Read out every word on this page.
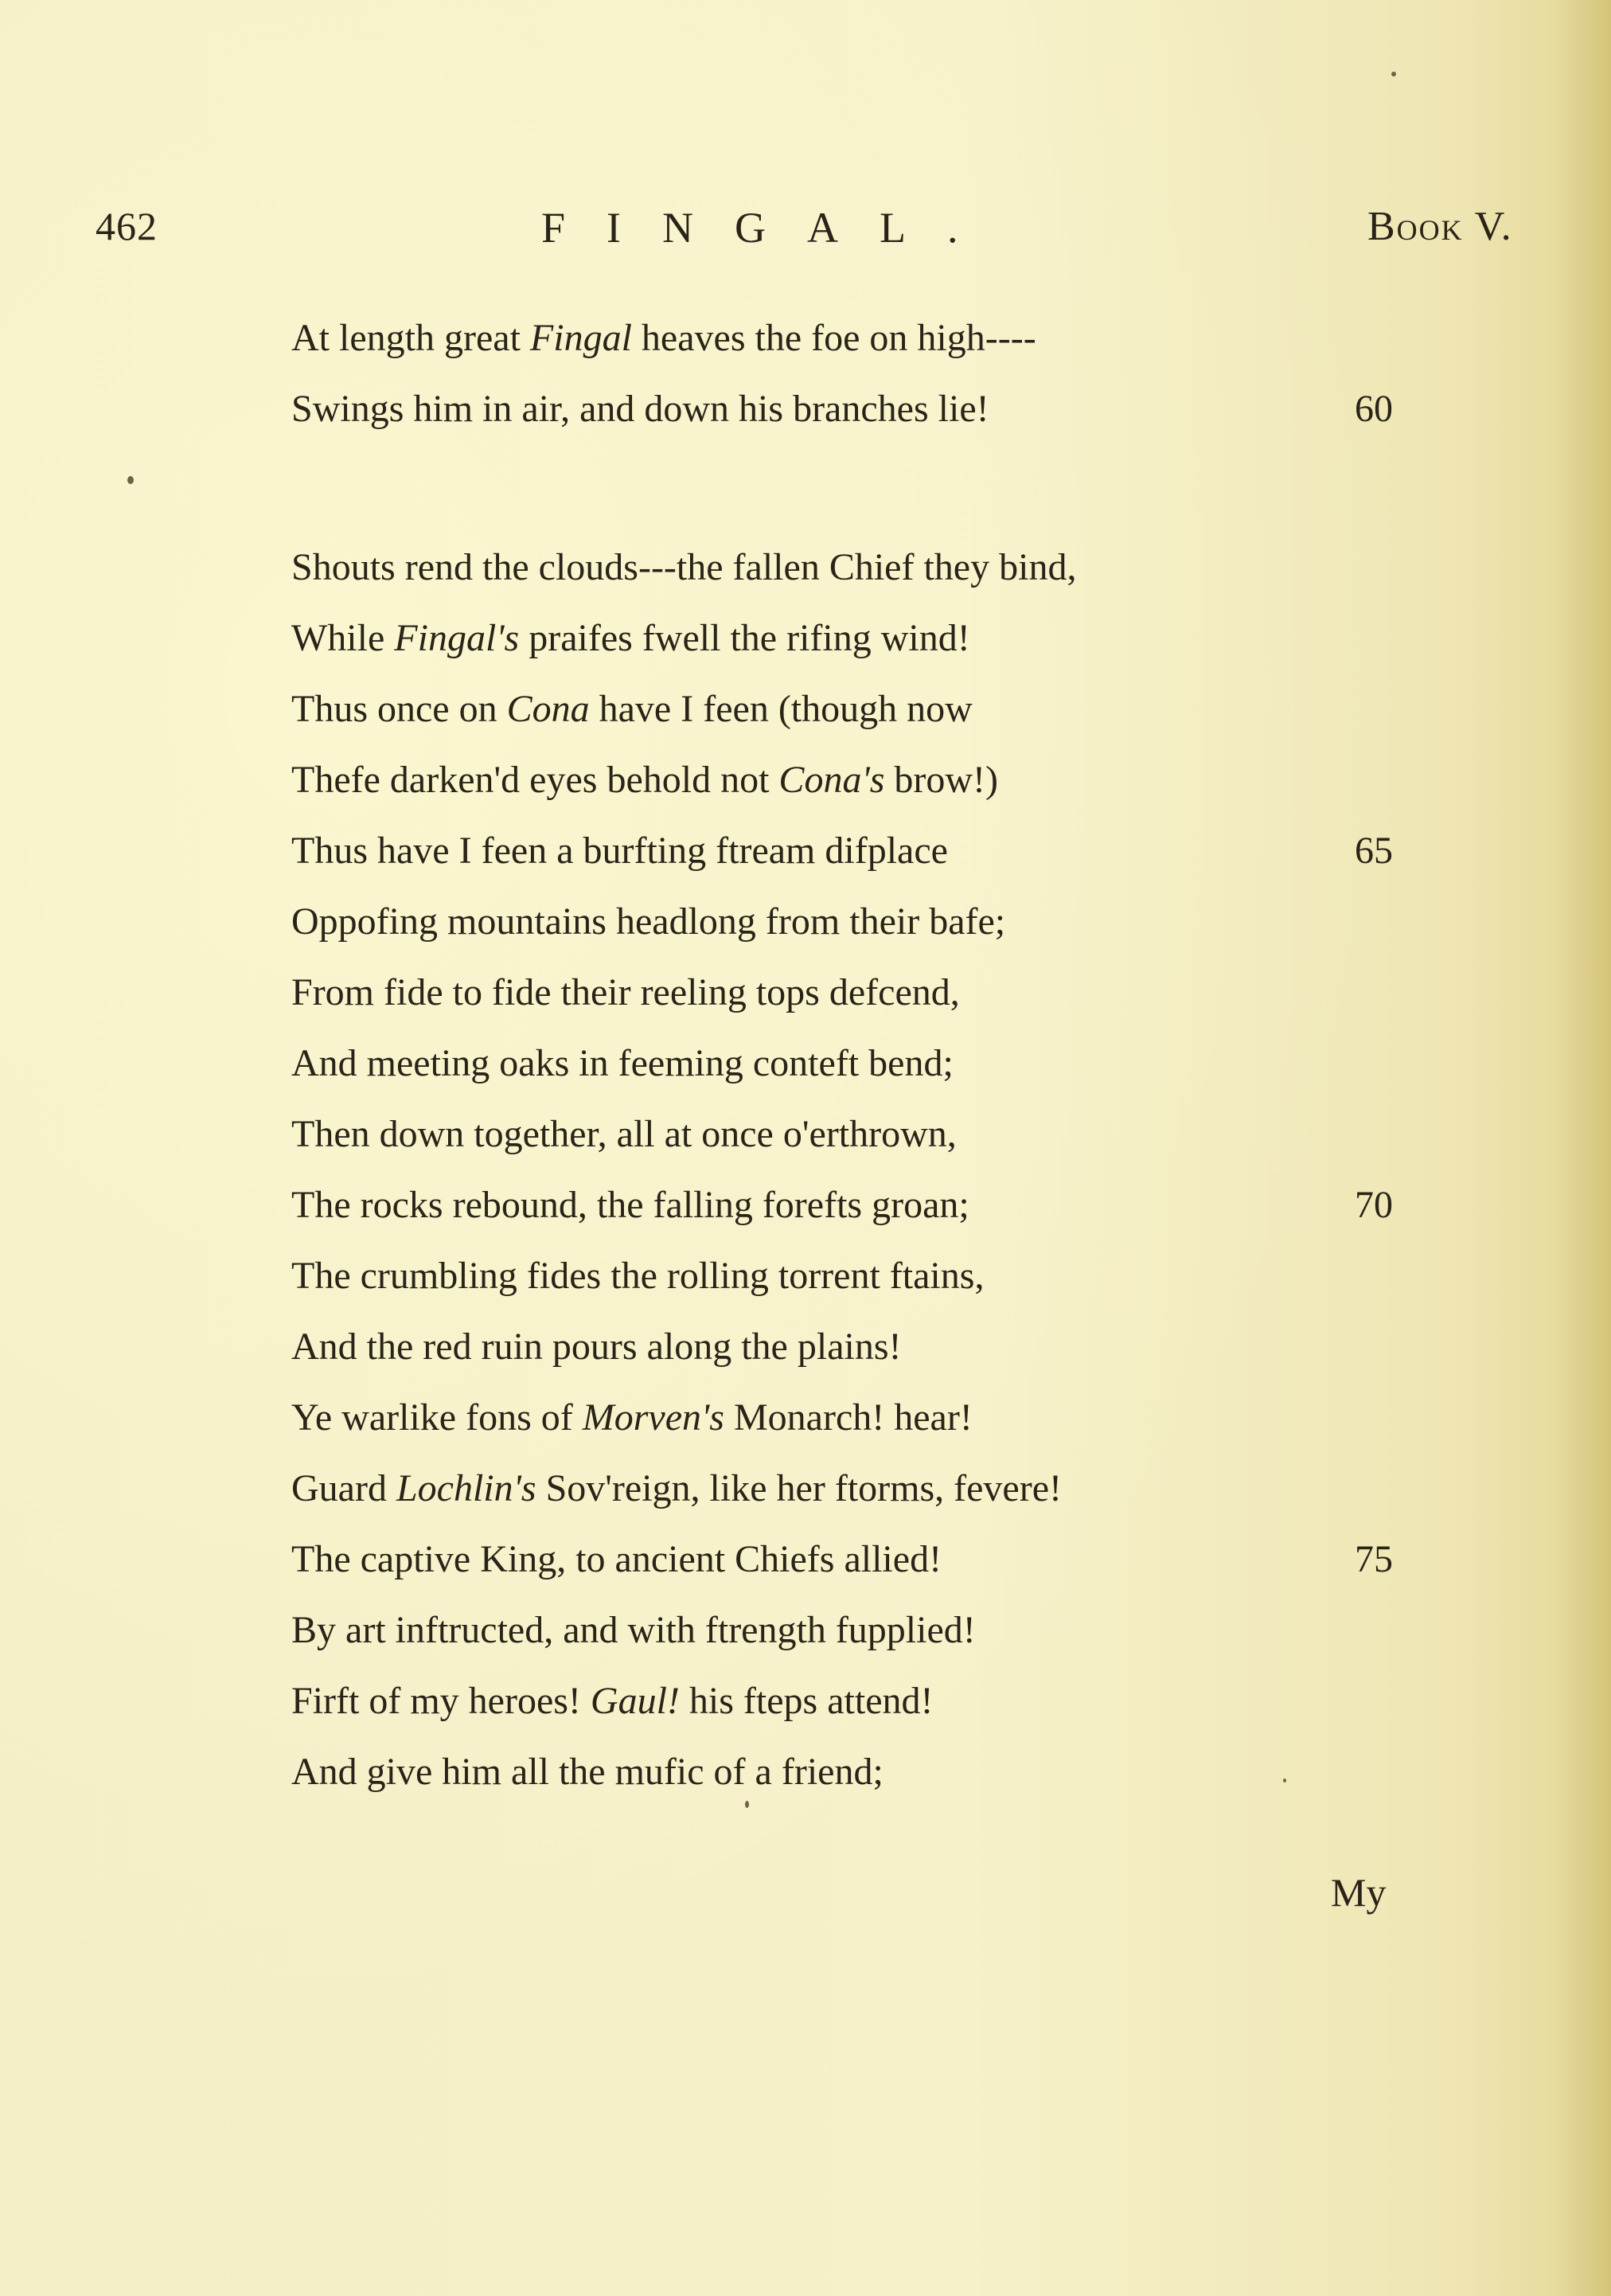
462	FINGAL.	Book V.
At length great Fingal heaves the foe on high----
Swings him in air, and down his branches lie!	60
Shouts rend the clouds---the fallen Chief they bind,
While Fingal's praifes fwell the rifing wind!
Thus once on Cona have I feen (though now
Thefe darken'd eyes behold not Cona's brow!)
Thus have I feen a burfting ftream difplace	65
Oppofing mountains headlong from their bafe;
From fide to fide their reeling tops defcend,
And meeting oaks in feeming conteft bend;
Then down together, all at once o'erthrown,
The rocks rebound, the falling forefts groan;	70
The crumbling fides the rolling torrent ftains,
And the red ruin pours along the plains!
Ye warlike fons of Morven's Monarch! hear!
Guard Lochlin's Sov'reign, like her ftorms, fevere!
The captive King, to ancient Chiefs allied!	75
By art inftructed, and with ftrength fupplied!
Firft of my heroes! Gaul! his fteps attend!
And give him all the mufic of a friend;
My
